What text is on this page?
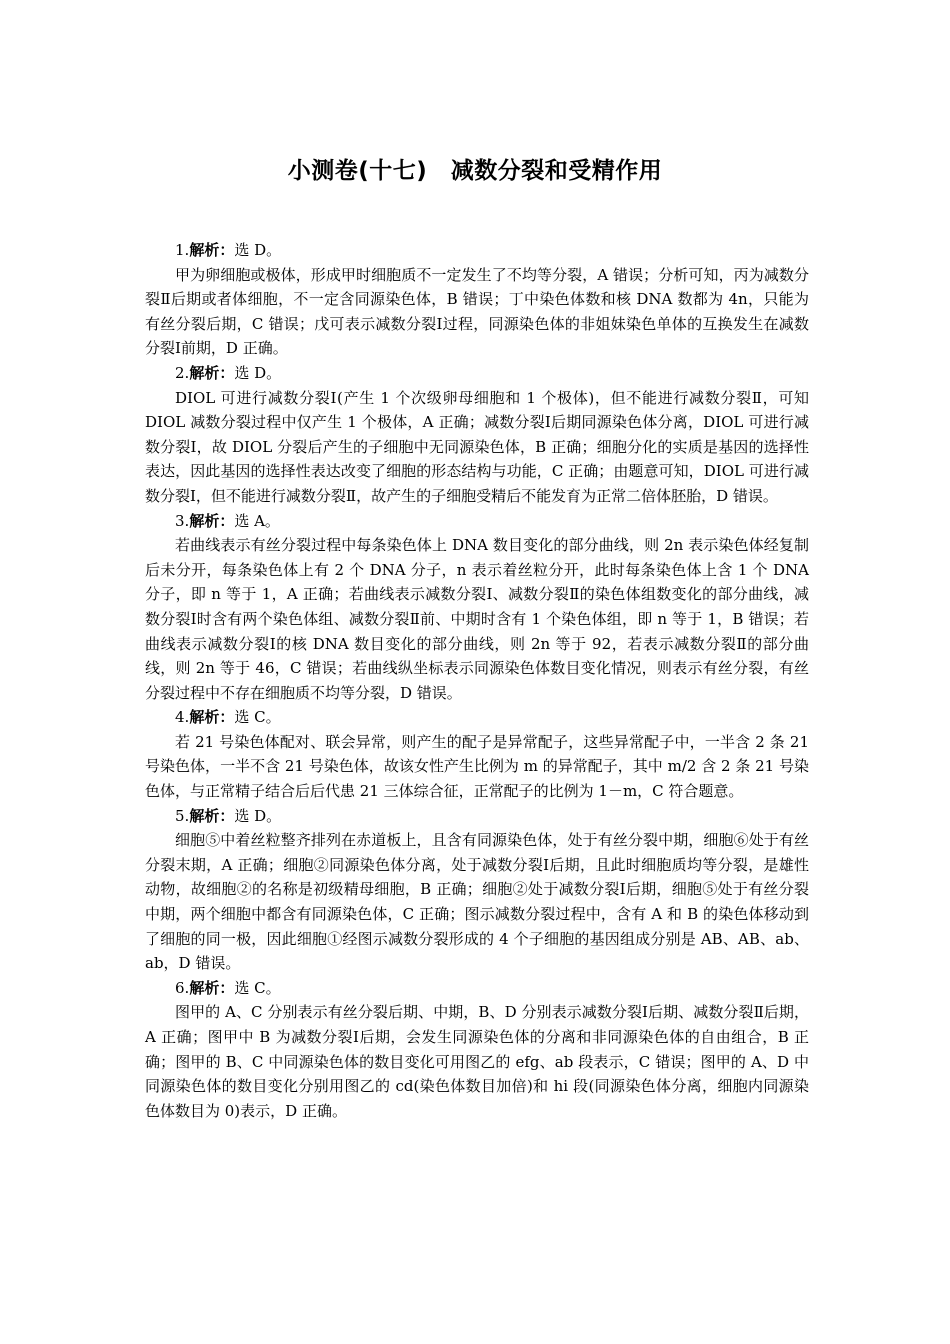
小测卷(十七)　减数分裂和受精作用

1.解析：选 D。

甲为卵细胞或极体，形成甲时细胞质不一定发生了不均等分裂，A 错误；分析可知，丙为减数分裂Ⅱ后期或者体细胞，不一定含同源染色体，B 错误；丁中染色体数和核 DNA 数都为 4n，只能为有丝分裂后期，C 错误；戊可表示减数分裂Ⅰ过程，同源染色体的非姐妹染色单体的互换发生在减数分裂Ⅰ前期，D 正确。

2.解析：选 D。

DIOL 可进行减数分裂Ⅰ(产生 1 个次级卵母细胞和 1 个极体)，但不能进行减数分裂Ⅱ，可知 DIOL 减数分裂过程中仅产生 1 个极体，A 正确；减数分裂Ⅰ后期同源染色体分离，DIOL 可进行减数分裂Ⅰ，故 DIOL 分裂后产生的子细胞中无同源染色体，B 正确；细胞分化的实质是基因的选择性表达，因此基因的选择性表达改变了细胞的形态结构与功能，C 正确；由题意可知，DIOL 可进行减数分裂Ⅰ，但不能进行减数分裂Ⅱ，故产生的子细胞受精后不能发育为正常二倍体胚胎，D 错误。

3.解析：选 A。

若曲线表示有丝分裂过程中每条染色体上 DNA 数目变化的部分曲线，则 2n 表示染色体经复制后未分开，每条染色体上有 2 个 DNA 分子，n 表示着丝粒分开，此时每条染色体上含 1 个 DNA 分子，即 n 等于 1，A 正确；若曲线表示减数分裂Ⅰ、减数分裂Ⅱ的染色体组数变化的部分曲线，减数分裂Ⅰ时含有两个染色体组、减数分裂Ⅱ前、中期时含有 1 个染色体组，即 n 等于 1，B 错误；若曲线表示减数分裂Ⅰ的核 DNA 数目变化的部分曲线，则 2n 等于 92，若表示减数分裂Ⅱ的部分曲线，则 2n 等于 46，C 错误；若曲线纵坐标表示同源染色体数目变化情况，则表示有丝分裂，有丝分裂过程中不存在细胞质不均等分裂，D 错误。

4.解析：选 C。

若 21 号染色体配对、联会异常，则产生的配子是异常配子，这些异常配子中，一半含 2 条 21 号染色体，一半不含 21 号染色体，故该女性产生比例为 m 的异常配子，其中 m/2 含 2 条 21 号染色体，与正常精子结合后后代患 21 三体综合征，正常配子的比例为 1－m，C 符合题意。

5.解析：选 D。

细胞⑤中着丝粒整齐排列在赤道板上，且含有同源染色体，处于有丝分裂中期，细胞⑥处于有丝分裂末期，A 正确；细胞②同源染色体分离，处于减数分裂Ⅰ后期，且此时细胞质均等分裂，是雄性动物，故细胞②的名称是初级精母细胞，B 正确；细胞②处于减数分裂Ⅰ后期，细胞⑤处于有丝分裂中期，两个细胞中都含有同源染色体，C 正确；图示减数分裂过程中，含有 A 和 B 的染色体移动到了细胞的同一极，因此细胞①经图示减数分裂形成的 4 个子细胞的基因组成分别是 AB、AB、ab、ab，D 错误。

6.解析：选 C。

图甲的 A、C 分别表示有丝分裂后期、中期，B、D 分别表示减数分裂Ⅰ后期、减数分裂Ⅱ后期，A 正确；图甲中 B 为减数分裂Ⅰ后期，会发生同源染色体的分离和非同源染色体的自由组合，B 正确；图甲的 B、C 中同源染色体的数目变化可用图乙的 efg、ab 段表示，C 错误；图甲的 A、D 中同源染色体的数目变化分别用图乙的 cd(染色体数目加倍)和 hi 段(同源染色体分离，细胞内同源染色体数目为 0)表示，D 正确。
